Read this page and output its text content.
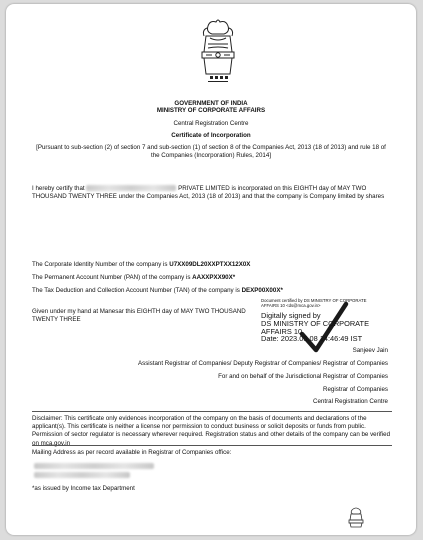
GOVERNMENT OF INDIA
MINISTRY OF CORPORATE AFFAIRS
Central Registration Centre
Certificate of Incorporation
[Pursuant to sub-section (2) of section 7 and sub-section (1) of section 8 of the Companies Act, 2013 (18 of 2013) and rule 18 of the Companies (Incorporation) Rules, 2014]
I hereby certify that	PRIVATE LIMITED is incorporated on this EIGHTH day of MAY TWO THOUSAND TWENTY THREE under the Companies Act, 2013 (18 of 2013) and that the company is Company limited by shares
The Corporate Identity Number of the company is U7XX09DL20XXPTXX12X0X
The Permanent Account Number (PAN) of the company is AAXXPXX90X*
The Tax Deduction and Collection Account Number (TAN) of the company is DEXP00X00X*
Given under my hand at Manesar this EIGHTH day of MAY TWO THOUSAND TWENTY THREE
Document certified by DS MINISTRY OF CORPORATE AFFAIRS 10 <ds@mca.gov.in>
Digitally signed by
DS MINISTRY OF CORPORATE
AFFAIRS 10
Date: 2023.05.08 14:46:49 IST
Sanjeev Jain
Assistant Registrar of Companies/ Deputy Registrar of Companies/ Registrar of Companies
For and on behalf of the Jurisdictional Registrar of Companies
Registrar of Companies
Central Registration Centre
Disclaimer: This certificate only evidences incorporation of the company on the basis of documents and declarations of the applicant(s). This certificate is neither a license nor permission to conduct business or solicit deposits or funds from public. Permission of sector regulator is necessary wherever required. Registration status and other details of the company can be verified on mca.gov.in
Mailing Address as per record available in Registrar of Companies office:
*as issued by Income tax Department
